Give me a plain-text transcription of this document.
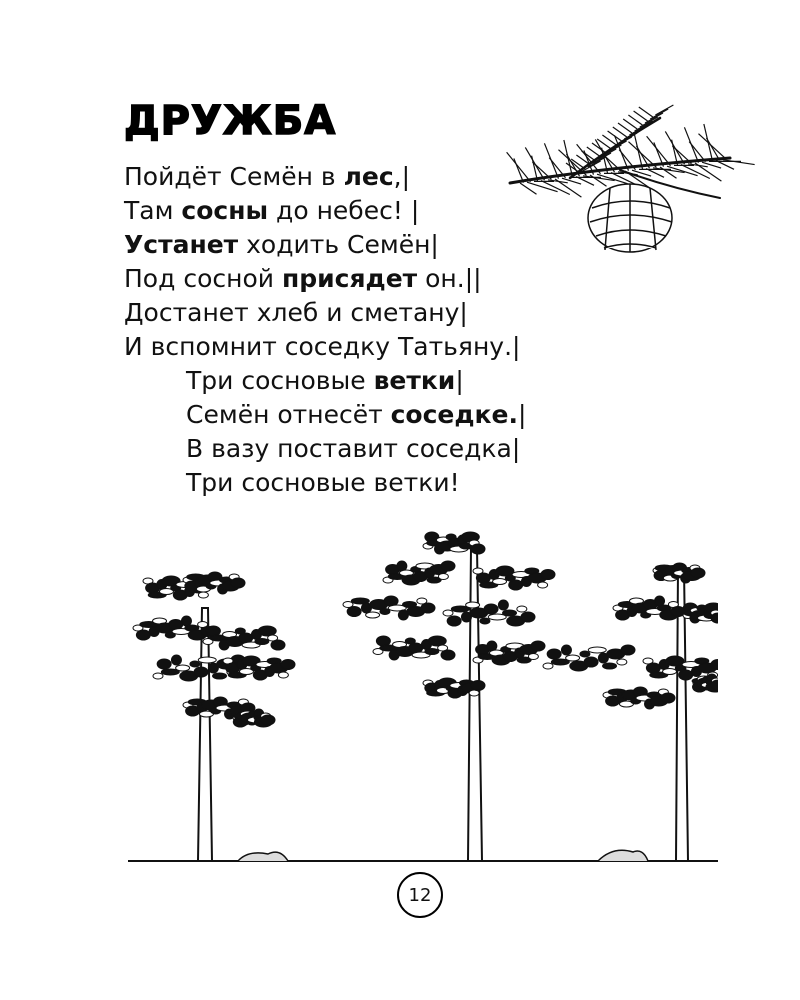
ДРУЖБА
Пойдёт Семён в лес,|
Там сосны до небес! |
Устанет ходить Семён|
Под сосной присядет он.||
Достанет хлеб и сметану|
И вспомнит соседку Татьяну.|
Три сосновые ветки|
Семён отнесёт соседке.|
В вазу поставит соседка|
Три сосновые ветки!
12
